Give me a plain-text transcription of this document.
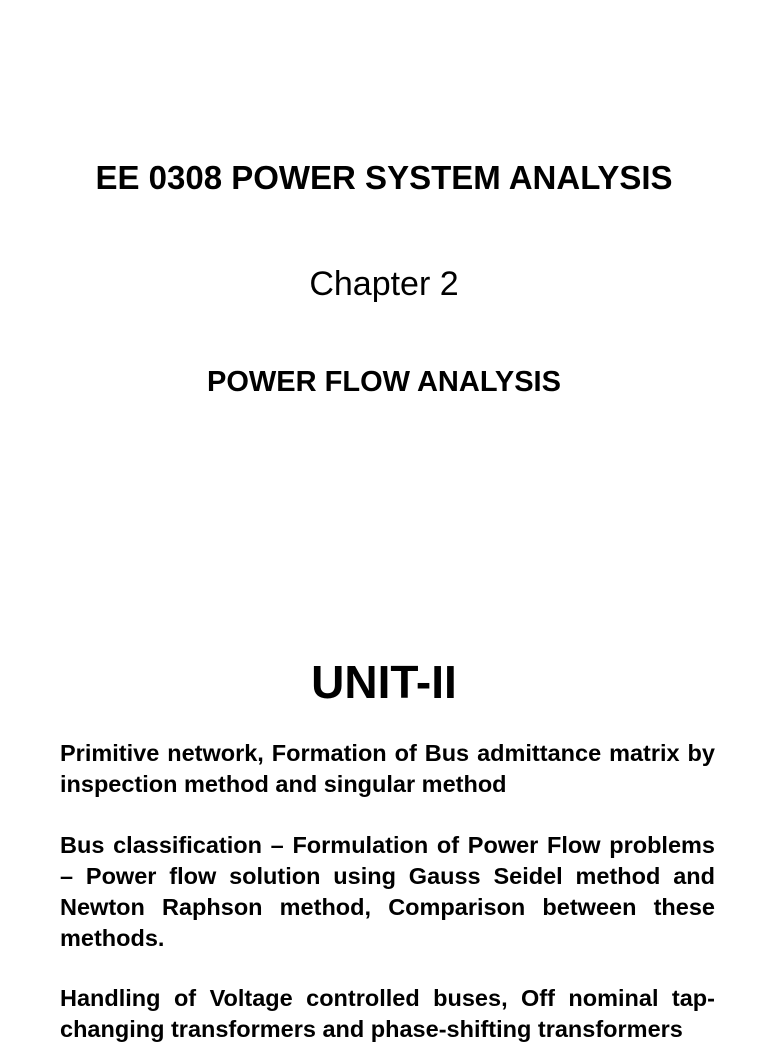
EE 0308 POWER SYSTEM ANALYSIS
Chapter 2
POWER FLOW ANALYSIS
UNIT-II
Primitive network, Formation of Bus admittance matrix by inspection method and singular method
Bus classification – Formulation of Power Flow problems – Power flow solution using Gauss Seidel method and Newton Raphson method, Comparison between these methods.
Handling of Voltage controlled buses, Off nominal tap-changing transformers and phase-shifting transformers
